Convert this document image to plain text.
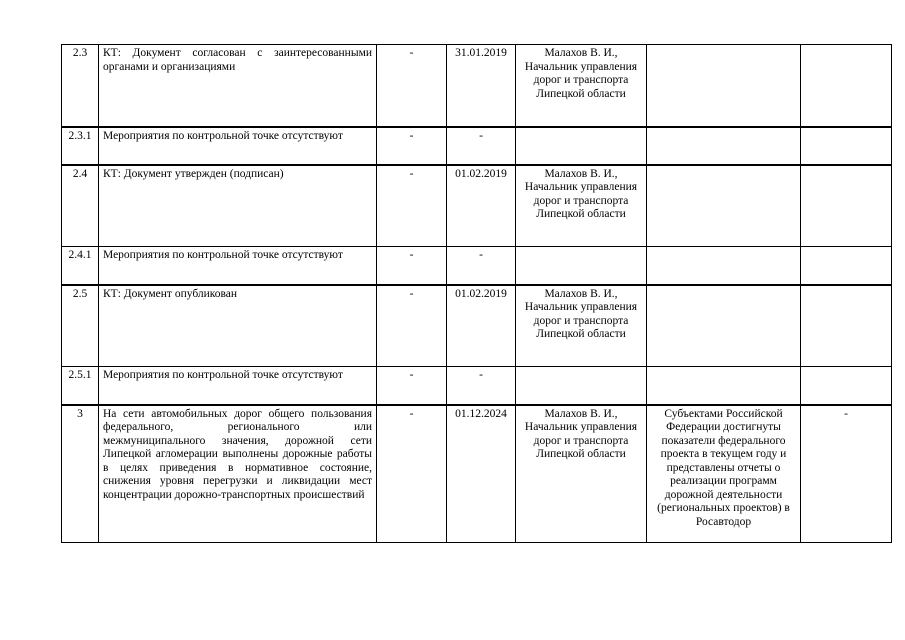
2.3	КТ: Документ согласован с заинтересованными органами и организациями	-	31.01.2019	Малахов В. И., Начальник управления дорог и транспорта Липецкой области		
2.3.1	Мероприятия по контрольной точке отсутствуют	-	-			
2.4	КТ: Документ утвержден (подписан)	-	01.02.2019	Малахов В. И., Начальник управления дорог и транспорта Липецкой области		
2.4.1	Мероприятия по контрольной точке отсутствуют	-	-			
2.5	КТ: Документ опубликован	-	01.02.2019	Малахов В. И., Начальник управления дорог и транспорта Липецкой области		
2.5.1	Мероприятия по контрольной точке отсутствуют	-	-			
3	На сети автомобильных дорог общего пользования федерального, регионального или межмуниципального значения, дорожной сети Липецкой агломерации выполнены дорожные работы в целях приведения в нормативное состояние, снижения уровня перегрузки и ликвидации мест концентрации дорожно-транспортных происшествий	-	01.12.2024	Малахов В. И., Начальник управления дорог и транспорта Липецкой области	Субъектами Российской Федерации достигнуты показатели федерального проекта в текущем году и представлены отчеты о реализации программ дорожной деятельности (региональных проектов) в Росавтодор	-
